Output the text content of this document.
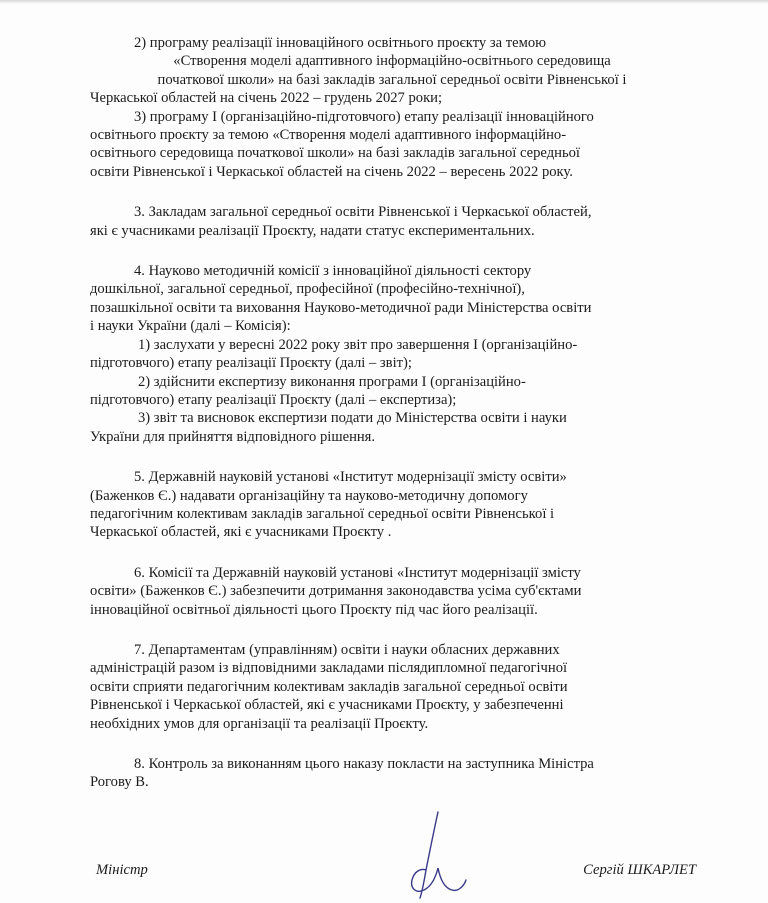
2) програму реалізації інноваційного освітнього проєкту за темою

«Створення моделі адаптивного інформаційно-освітнього середовища

початкової школи» на базі закладів загальної середньої освіти Рівненської і

Черкаської областей на січень 2022 – грудень 2027 роки;

3) програму І (організаційно-підготовчого) етапу реалізації інноваційного

освітнього проєкту за темою «Створення моделі адаптивного інформаційно-

освітнього середовища початкової школи» на базі закладів загальної середньої

освіти Рівненської і Черкаської областей на січень 2022 – вересень 2022 року.

3. Закладам загальної середньої освіти Рівненської і Черкаської областей,

які є учасниками реалізації Проєкту, надати статус експериментальних.

4. Науково методичній комісії з інноваційної діяльності сектору

дошкільної, загальної середньої, професійної (професійно-технічної),

позашкільної освіти та виховання Науково-методичної ради Міністерства освіти

і науки України (далі – Комісія):

1) заслухати у вересні 2022 року звіт про завершення І (організаційно-

підготовчого) етапу реалізації Проєкту (далі – звіт);

2) здійснити експертизу виконання програми І (організаційно-

підготовчого) етапу реалізації Проєкту (далі – експертиза);

3) звіт та висновок експертизи подати до Міністерства освіти і науки

України для прийняття відповідного рішення.

5. Державній науковій установі «Інститут модернізації змісту освіти»

(Баженков Є.) надавати організаційну та науково-методичну допомогу

педагогічним колективам закладів загальної середньої освіти Рівненської і

Черкаської областей, які є учасниками Проєкту .

6. Комісії та Державній науковій установі «Інститут модернізації змісту

освіти» (Баженков Є.) забезпечити дотримання законодавства усіма суб'єктами

інноваційної освітньої діяльності цього Проєкту під час його реалізації.

7. Департаментам (управлінням) освіти і науки обласних державних

адміністрацій разом із відповідними закладами післядипломної педагогічної

освіти сприяти педагогічним колективам закладів загальної середньої освіти

Рівненської і Черкаської областей, які є учасниками Проєкту, у забезпеченні

необхідних умов для організації та реалізації Проєкту.

8. Контроль за виконанням цього наказу покласти на заступника Міністра

Рогову В.

Міністр	Сергій ШКАРЛЕТ
